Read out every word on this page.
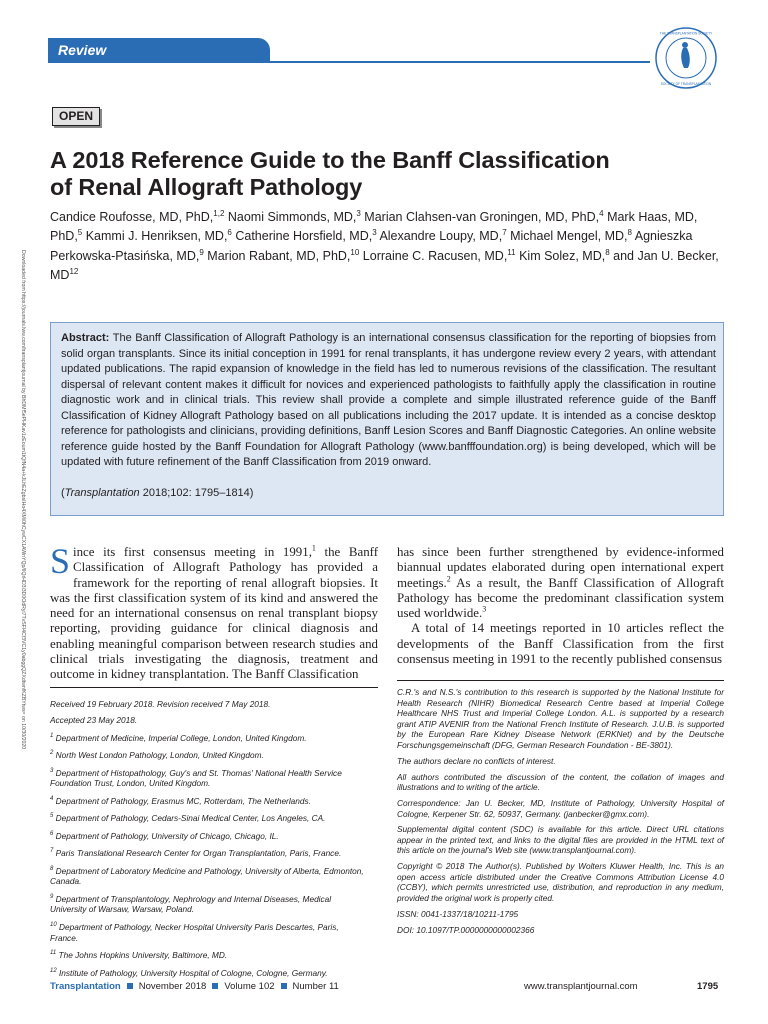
Review
THE TRANSPLANTATION SOCIETY
SOCIETY OF TRANSPLANTATION
OPEN
A 2018 Reference Guide to the Banff Classification
of Renal Allograft Pathology
Candice Roufosse, MD, PhD,$^{1,2}$ Naomi Simmonds, MD,$^3$ Marian Clahsen-van Groningen, MD, PhD,$^4$ Mark Haas, MD, PhD,$^5$ Kammi J. Henriksen, MD,$^6$ Catherine Horsfield, MD,$^3$ Alexandre Loupy, MD,$^7$ Michael Mengel, MD,$^8$ Agnieszka Perkowska-Ptasińska, MD,$^9$ Marion Rabant, MD, PhD,$^{10}$ Lorraine C. Racusen, MD,$^{11}$ Kim Solez, MD,$^8$ and Jan U. Becker, MD$^{12}$
Downloaded from https://journals.lww.com/transplantjournal by BhDMf5ePHKav1zEoum1tQfN4a+kJLhEZgbsIHo4XMi0hCywCX1AWnYQp/IlQrHD3i3D0OdRyi7TvSFl4Cf3VC1y0abggQZXdtwnfKZBYtws= on 10/30/2020	Abstract: The Banff Classification of Allograft Pathology is an international consensus classification for the reporting of biopsies from solid organ transplants. Since its initial conception in 1991 for renal transplants, it has undergone review every 2 years, with attendant updated publications. The rapid expansion of knowledge in the field has led to numerous revisions of the classification. The resultant dispersal of relevant content makes it difficult for novices and experienced pathologists to faithfully apply the classification in routine diagnostic work and in clinical trials. This review shall provide a complete and simple illustrated reference guide of the Banff Classification of Kidney Allograft Pathology based on all publications including the 2017 update. It is intended as a concise desktop reference for pathologists and clinicians, providing definitions, Banff Lesion Scores and Banff Diagnostic Categories. An online website reference guide hosted by the Banff Foundation for Allograft Pathology (www.banfffoundation.org) is being developed, which will be updated with future refinement of the Banff Classification from 2019 onward.
(Transplantation 2018;102: 1795–1814)
Since its first consensus meeting in 1991,$^1$ the Banff Classification of Allograft Pathology has provided a framework for the reporting of renal allograft biopsies. It was the first classification system of its kind and answered the need for an international consensus on renal transplant biopsy reporting, providing guidance for clinical diagnosis and enabling meaningful comparison between research studies and clinical trials investigating the diagnosis, treatment and outcome in kidney transplantation. The Banff Classification
has since been further strengthened by evidence-informed biannual updates elaborated during open international expert meetings.$^2$ As a result, the Banff Classification of Allograft Pathology has become the predominant classification system used worldwide.$^3$
A total of 14 meetings reported in 10 articles reflect the developments of the Banff Classification from the first consensus meeting in 1991 to the recently published consensus

Received 19 February 2018. Revision received 7 May 2018.

Accepted 23 May 2018.

$^1$ Department of Medicine, Imperial College, London, United Kingdom.

$^2$ North West London Pathology, London, United Kingdom.

$^3$ Department of Histopathology, Guy's and St. Thomas' National Health Service Foundation Trust, London, United Kingdom.

$^4$ Department of Pathology, Erasmus MC, Rotterdam, The Netherlands.

$^5$ Department of Pathology, Cedars-Sinai Medical Center, Los Angeles, CA.

$^6$ Department of Pathology, University of Chicago, Chicago, IL.

$^7$ Paris Translational Research Center for Organ Transplantation, Paris, France.

$^8$ Department of Laboratory Medicine and Pathology, University of Alberta, Edmonton, Canada.

$^9$ Department of Transplantology, Nephrology and Internal Diseases, Medical University of Warsaw, Warsaw, Poland.

$^{10}$ Department of Pathology, Necker Hospital University Paris Descartes, Paris, France.

$^{11}$ The Johns Hopkins University, Baltimore, MD.

$^{12}$ Institute of Pathology, University Hospital of Cologne, Cologne, Germany.

C.R.'s and N.S.'s contribution to this research is supported by the National Institute for Health Research (NIHR) Biomedical Research Centre based at Imperial College Healthcare NHS Trust and Imperial College London. A.L. is supported by a research grant ATIP AVENIR from the National French Institute of Research. J.U.B. is supported by the European Rare Kidney Disease Network (ERKNet) and by the Deutsche Forschungsgemeinschaft (DFG, German Research Foundation - BE-3801).

The authors declare no conflicts of interest.

All authors contributed the discussion of the content, the collation of images and illustrations and to writing of the article.

Correspondence: Jan U. Becker, MD, Institute of Pathology, University Hospital of Cologne, Kerpener Str. 62, 50937, Germany. (janbecker@gmx.com).

Supplemental digital content (SDC) is available for this article. Direct URL citations appear in the printed text, and links to the digital files are provided in the HTML text of this article on the journal's Web site (www.transplantjournal.com).

Copyright © 2018 The Author(s). Published by Wolters Kluwer Health, Inc. This is an open access article distributed under the Creative Commons Attribution License 4.0 (CCBY), which permits unrestricted use, distribution, and reproduction in any medium, provided the original work is properly cited.

ISSN: 0041-1337/18/10211-1795

DOI: 10.1097/TP.0000000000002366

Transplantation November 2018 Volume 102 Number 11	www.transplantjournal.com	1795
